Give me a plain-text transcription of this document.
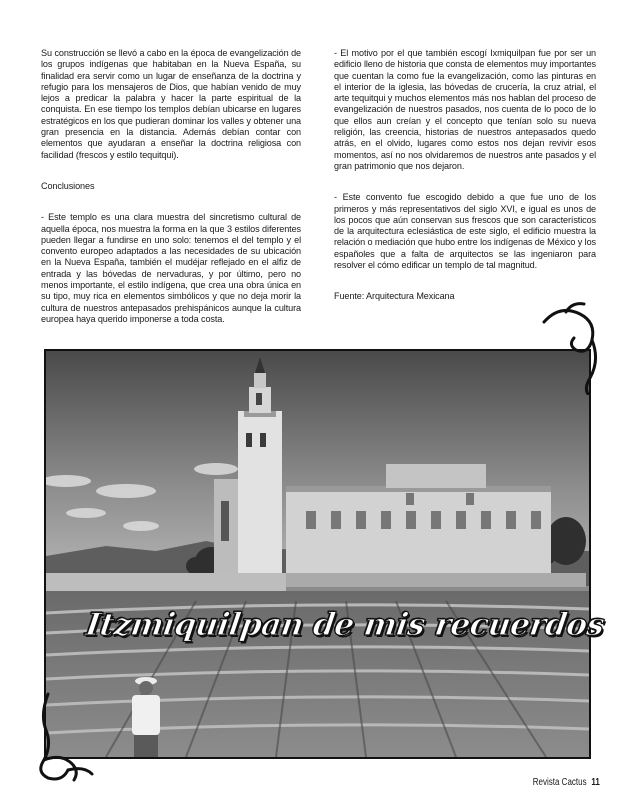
Su construcción se llevó a cabo en la época de evangelización de los grupos indígenas que habitaban en la Nueva España, su finalidad era servir como un lugar de enseñanza de la doctrina y refugio para los mensajeros de Dios, que habían venido de muy lejos a predicar la palabra y hacer la parte espiritual de la conquista. En ese tiempo los templos debían ubicarse en lugares estratégicos en los que pudieran dominar los valles y obtener una gran presencia en la distancia. Además debían contar con elementos que ayudaran a enseñar la doctrina religiosa con facilidad (frescos y estilo tequitqui).

Conclusiones

- Este templo es una clara muestra del sincretismo cultural de aquella época, nos muestra la forma en la que 3 estilos diferentes pueden llegar a fundirse en uno solo: tenemos el del templo y el convento europeo adaptados a las necesidades de su ubicación en la Nueva España, también el mudéjar reflejado en el alfiz de entrada y las bóvedas de nervaduras, y por último, pero no menos importante, el estilo indígena, que crea una obra única en su tipo, muy rica en elementos simbólicos y que no deja morir la cultura de nuestros antepasados prehispánicos aunque la cultura europea haya querido imponerse a toda costa.

- El motivo por el que también escogí Ixmiquilpan fue por ser un edificio lleno de historia que consta de elementos muy importantes que cuentan la como fue la evangelización, como las pinturas en el interior de la iglesia, las bóvedas de crucería, la cruz atrial, el arte tequitqui y muchos elementos más nos hablan del proceso de evangelización de nuestros pasados, nos cuenta de lo poco de lo que ellos aun creían y el concepto que tenían solo su nueva religión, las creencia, historias de nuestros antepasados quedo atrás, en el olvido, lugares como estos nos dejan revivir esos momentos, así no nos olvidaremos de nuestros ante pasados y el gran patrimonio que nos dejaron.

- Este convento fue escogido debido a que fue uno de los primeros y más representativos del siglo XVI, e igual es unos de los pocos que aún conservan sus frescos que son característicos de la arquitectura eclesiástica de este siglo, el edificio muestra la relación o mediación que hubo entre los indígenas de México y los españoles que a falta de arquitectos se las ingeniaron para resolver el cómo edificar un templo de tal magnitud.

Fuente: Arquitectura Mexicana

Itzmiquilpan de mis recuerdos
Revista Cactus 11
